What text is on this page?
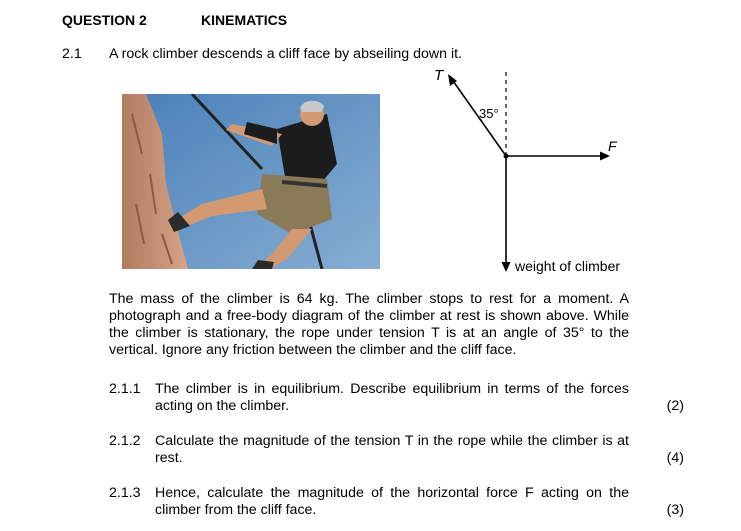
QUESTION 2	KINEMATICS
2.1 A rock climber descends a cliff face by abseiling down it.
T
35°
F
weight of climber
The mass of the climber is 64 kg. The climber stops to rest for a moment. A photograph and a free-body diagram of the climber at rest is shown above. While the climber is stationary, the rope under tension T is at an angle of 35° to the vertical. Ignore any friction between the climber and the cliff face.
2.1.1 The climber is in equilibrium. Describe equilibrium in terms of the forces acting on the climber.	(2)
2.1.2 Calculate the magnitude of the tension T in the rope while the climber is at rest.	(4)
2.1.3 Hence, calculate the magnitude of the horizontal force F acting on the climber from the cliff face.	(3)
